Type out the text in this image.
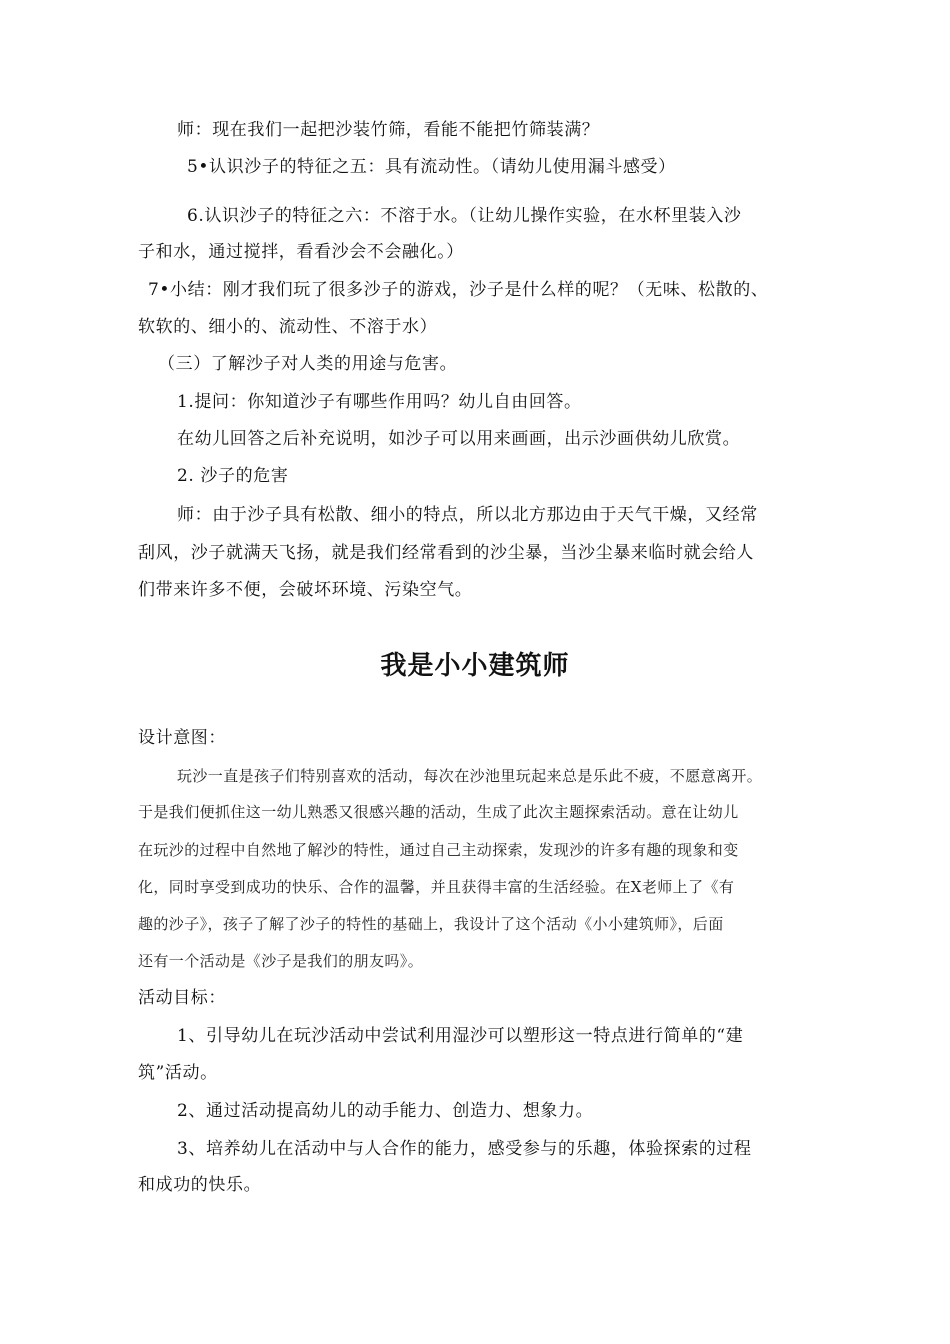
师：现在我们一起把沙装竹筛，看能不能把竹筛装满？
5•认识沙子的特征之五：具有流动性。（请幼儿使用漏斗感受）
6.认识沙子的特征之六：不溶于水。（让幼儿操作实验，在水杯里装入沙
子和水，通过搅拌，看看沙会不会融化。）
7•小结：刚才我们玩了很多沙子的游戏，沙子是什么样的呢？（无味、松散的、
软软的、细小的、流动性、不溶于水）
（三）了解沙子对人类的用途与危害。
1.提问：你知道沙子有哪些作用吗？幼儿自由回答。
在幼儿回答之后补充说明，如沙子可以用来画画，出示沙画供幼儿欣赏。
2. 沙子的危害
师：由于沙子具有松散、细小的特点，所以北方那边由于天气干燥，又经常
刮风，沙子就满天飞扬，就是我们经常看到的沙尘暴，当沙尘暴来临时就会给人
们带来许多不便，会破坏环境、污染空气。
我是小小建筑师
设计意图：
玩沙一直是孩子们特别喜欢的活动，每次在沙池里玩起来总是乐此不疲，不愿意离开。
于是我们便抓住这一幼儿熟悉又很感兴趣的活动，生成了此次主题探索活动。意在让幼儿
在玩沙的过程中自然地了解沙的特性，通过自己主动探索，发现沙的许多有趣的现象和变
化，同时享受到成功的快乐、合作的温馨，并且获得丰富的生活经验。在X老师上了《有
趣的沙子》，孩子了解了沙子的特性的基础上，我设计了这个活动《小小建筑师》，后面
还有一个活动是《沙子是我们的朋友吗》。
活动目标：
1、引导幼儿在玩沙活动中尝试利用湿沙可以塑形这一特点进行简单的“建
筑”活动。
2、通过活动提高幼儿的动手能力、创造力、想象力。
3、培养幼儿在活动中与人合作的能力，感受参与的乐趣，体验探索的过程
和成功的快乐。
